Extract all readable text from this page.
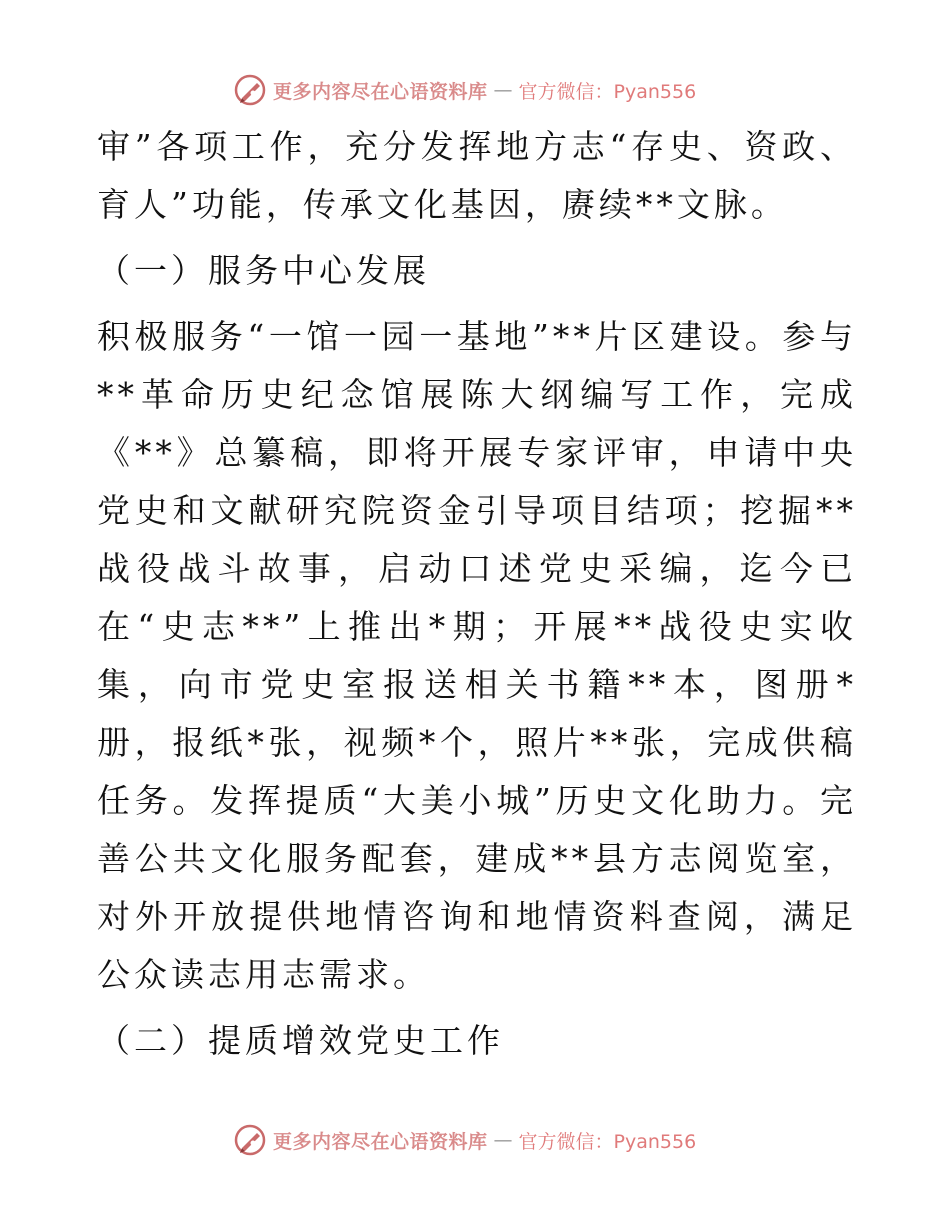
更多内容尽在心语资料库 — 官方微信：Pyan556

审”各项工作，充分发挥地方志“存史、资政、育人”功能，传承文化基因，赓续**文脉。

（一）服务中心发展

积极服务“一馆一园一基地”**片区建设。参与**革命历史纪念馆展陈大纲编写工作，完成《**》总纂稿，即将开展专家评审，申请中央党史和文献研究院资金引导项目结项；挖掘**战役战斗故事，启动口述党史采编，迄今已在“史志**”上推出*期；开展**战役史实收集，向市党史室报送相关书籍**本，图册*册，报纸*张，视频*个，照片**张，完成供稿任务。发挥提质“大美小城”历史文化助力。完善公共文化服务配套，建成**县方志阅览室，对外开放提供地情咨询和地情资料查阅，满足公众读志用志需求。

（二）提质增效党史工作

更多内容尽在心语资料库 — 官方微信：Pyan556
